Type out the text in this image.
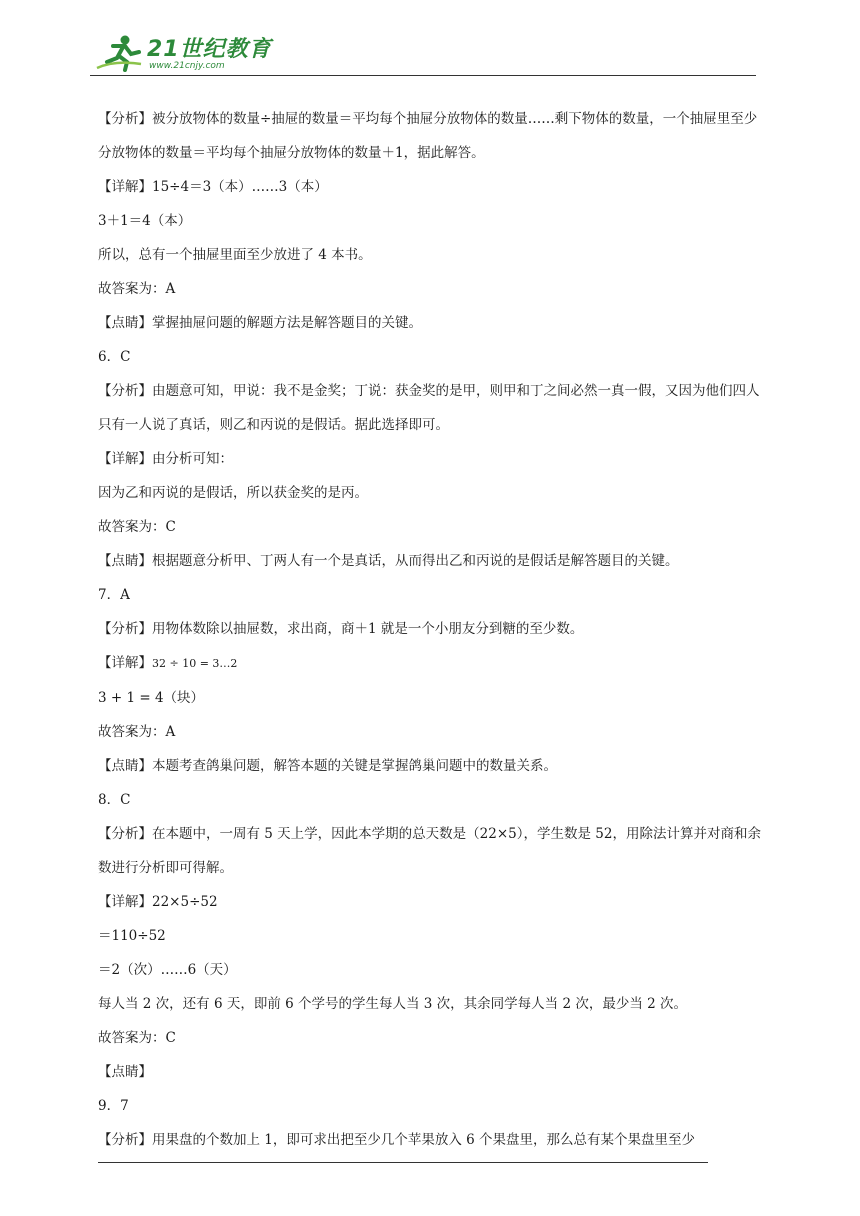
21世纪教育
www.21cnjy.com

【分析】被分放物体的数量÷抽屉的数量＝平均每个抽屉分放物体的数量……剩下物体的数量，一个抽屉里至少分放物体的数量＝平均每个抽屉分放物体的数量＋1，据此解答。

【详解】15÷4＝3（本）……3（本）

3＋1＝4（本）

所以，总有一个抽屉里面至少放进了 4 本书。

故答案为：A

【点睛】掌握抽屉问题的解题方法是解答题目的关键。

6．C

【分析】由题意可知，甲说：我不是金奖；丁说：获金奖的是甲，则甲和丁之间必然一真一假，又因为他们四人只有一人说了真话，则乙和丙说的是假话。据此选择即可。

【详解】由分析可知：

因为乙和丙说的是假话，所以获金奖的是丙。

故答案为：C

【点睛】根据题意分析甲、丁两人有一个是真话，从而得出乙和丙说的是假话是解答题目的关键。

7．A

【分析】用物体数除以抽屉数，求出商，商＋1 就是一个小朋友分到糖的至少数。

【详解】32 ÷ 10 = 3…2

3 + 1 = 4（块）

故答案为：A

【点睛】本题考查鸽巢问题，解答本题的关键是掌握鸽巢问题中的数量关系。

8．C

【分析】在本题中，一周有 5 天上学，因此本学期的总天数是（22×5），学生数是 52，用除法计算并对商和余数进行分析即可得解。

【详解】22×5÷52

＝110÷52

＝2（次）……6（天）

每人当 2 次，还有 6 天，即前 6 个学号的学生每人当 3 次，其余同学每人当 2 次，最少当 2 次。

故答案为：C

【点睛】

9．7

【分析】用果盘的个数加上 1，即可求出把至少几个苹果放入 6 个果盘里，那么总有某个果盘里至少
